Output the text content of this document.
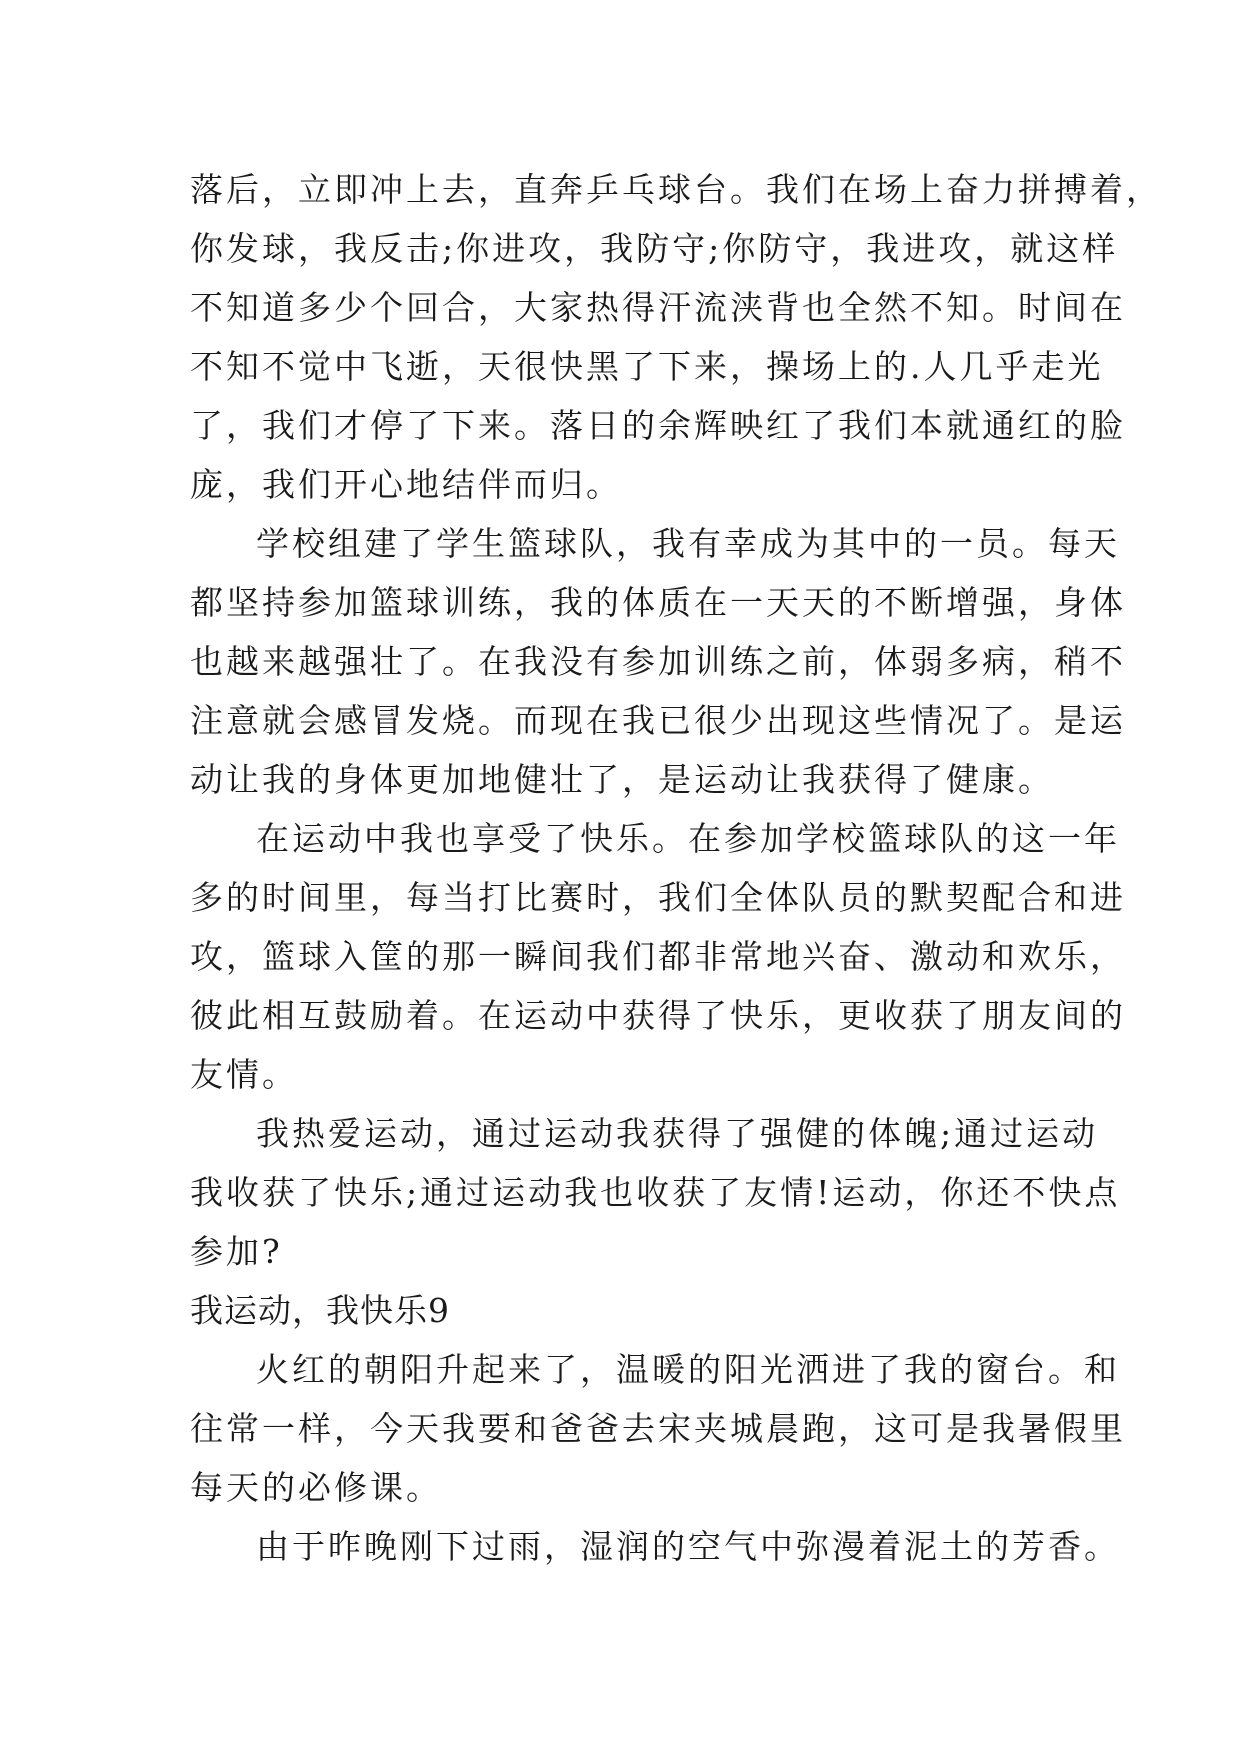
落后，立即冲上去，直奔乒乓球台。我们在场上奋力拼搏着，
你发球，我反击;你进攻，我防守;你防守，我进攻，就这样
不知道多少个回合，大家热得汗流浃背也全然不知。时间在
不知不觉中飞逝，天很快黑了下来，操场上的.人几乎走光
了，我们才停了下来。落日的余辉映红了我们本就通红的脸
庞，我们开心地结伴而归。
学校组建了学生篮球队，我有幸成为其中的一员。每天
都坚持参加篮球训练，我的体质在一天天的不断增强，身体
也越来越强壮了。在我没有参加训练之前，体弱多病，稍不
注意就会感冒发烧。而现在我已很少出现这些情况了。是运
动让我的身体更加地健壮了，是运动让我获得了健康。
在运动中我也享受了快乐。在参加学校篮球队的这一年
多的时间里，每当打比赛时，我们全体队员的默契配合和进
攻，篮球入筐的那一瞬间我们都非常地兴奋、激动和欢乐，
彼此相互鼓励着。在运动中获得了快乐，更收获了朋友间的
友情。
我热爱运动，通过运动我获得了强健的体魄;通过运动
我收获了快乐;通过运动我也收获了友情!运动，你还不快点
参加?
我运动，我快乐9
火红的朝阳升起来了，温暖的阳光洒进了我的窗台。和
往常一样，今天我要和爸爸去宋夹城晨跑，这可是我暑假里
每天的必修课。
由于昨晚刚下过雨，湿润的空气中弥漫着泥土的芳香。
